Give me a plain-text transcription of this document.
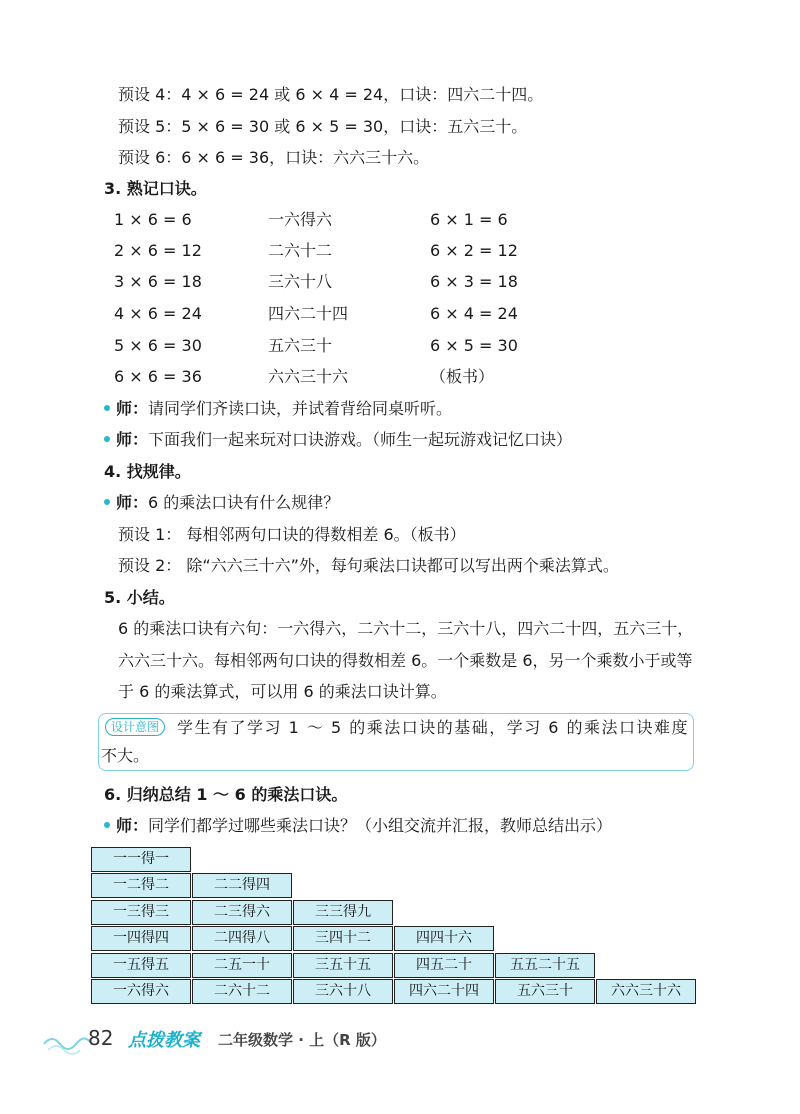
预设 4：4 × 6 = 24 或 6 × 4 = 24，口诀：四六二十四。
预设 5：5 × 6 = 30 或 6 × 5 = 30，口诀：五六三十。
预设 6：6 × 6 = 36，口诀：六六三十六。
3. 熟记口诀。
1 × 6 = 6	一六得六	6 × 1 = 6
2 × 6 = 12	二六十二	6 × 2 = 12
3 × 6 = 18	三六十八	6 × 3 = 18
4 × 6 = 24	四六二十四	6 × 4 = 24
5 × 6 = 30	五六三十	6 × 5 = 30
6 × 6 = 36	六六三十六	（板书）
师：请同学们齐读口诀，并试着背给同桌听听。
师：下面我们一起来玩对口诀游戏。（师生一起玩游戏记忆口诀）
4. 找规律。
师：6 的乘法口诀有什么规律？
预设 1： 每相邻两句口诀的得数相差 6。（板书）
预设 2： 除“六六三十六”外，每句乘法口诀都可以写出两个乘法算式。
5. 小结。
6 的乘法口诀有六句：一六得六，二六十二，三六十八，四六二十四，五六三十，
六六三十六。每相邻两句口诀的得数相差 6。一个乘数是 6，另一个乘数小于或等
于 6 的乘法算式，可以用 6 的乘法口诀计算。
设计意图	学生有了学习 1 ～ 5 的乘法口诀的基础，学习 6 的乘法口诀难度
不大。
6. 归纳总结 1 ～ 6 的乘法口诀。
师：同学们都学过哪些乘法口诀？（小组交流并汇报，教师总结出示）
一一得一
一二得二	二二得四
一三得三	二三得六	三三得九
一四得四	二四得八	三四十二	四四十六
一五得五	二五一十	三五十五	四五二十	五五二十五
一六得六	二六十二	三六十八	四六二十四	五六三十	六六三十六
82 点拨教案 二年级数学 · 上（R 版）
